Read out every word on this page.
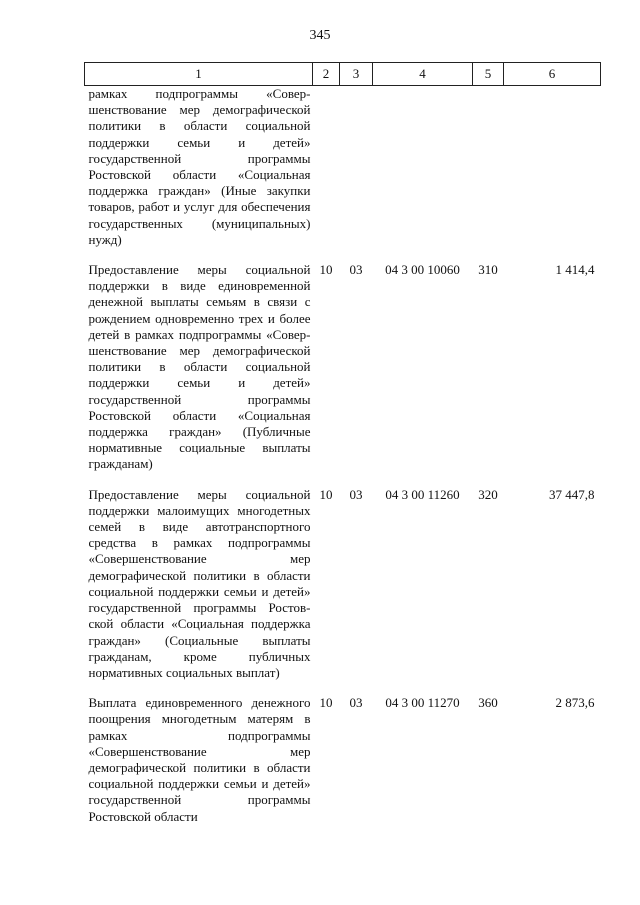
345
1	2	3	4	5	6
рамках подпрограммы «Совершенствование мер демографической политики в области социальной поддержки семьи и детей» государственной программы Ростовской области «Социальная поддержка граждан» (Иные закупки товаров, работ и услуг для обеспечения государственных (муниципальных) нужд)					
Предоставление меры социальной поддержки в виде единовременной денежной выплаты семьям в связи с рождением одновременно трех и более детей в рамках подпрограммы «Совершенствование мер демографической политики в области социальной поддержки семьи и детей» государственной программы Ростовской области «Социальная поддержка граждан» (Публичные нормативные социальные выплаты гражданам)	10	03	04 3 00 10060	310	1 414,4
Предоставление меры социальной поддержки малоимущих многодетных семей в виде автотранспортного средства в рамках подпрограммы «Совершенствование мер демографической политики в области социальной поддержки семьи и детей» государственной программы Ростовской области «Социальная поддержка граждан» (Социальные выплаты гражданам, кроме публичных нормативных социальных выплат)	10	03	04 3 00 11260	320	37 447,8
Выплата единовременного денежного поощрения многодетным матерям в рамках подпрограммы «Совершенствование мер демографической политики в области социальной поддержки семьи и детей» государственной программы Ростовской области	10	03	04 3 00 11270	360	2 873,6
